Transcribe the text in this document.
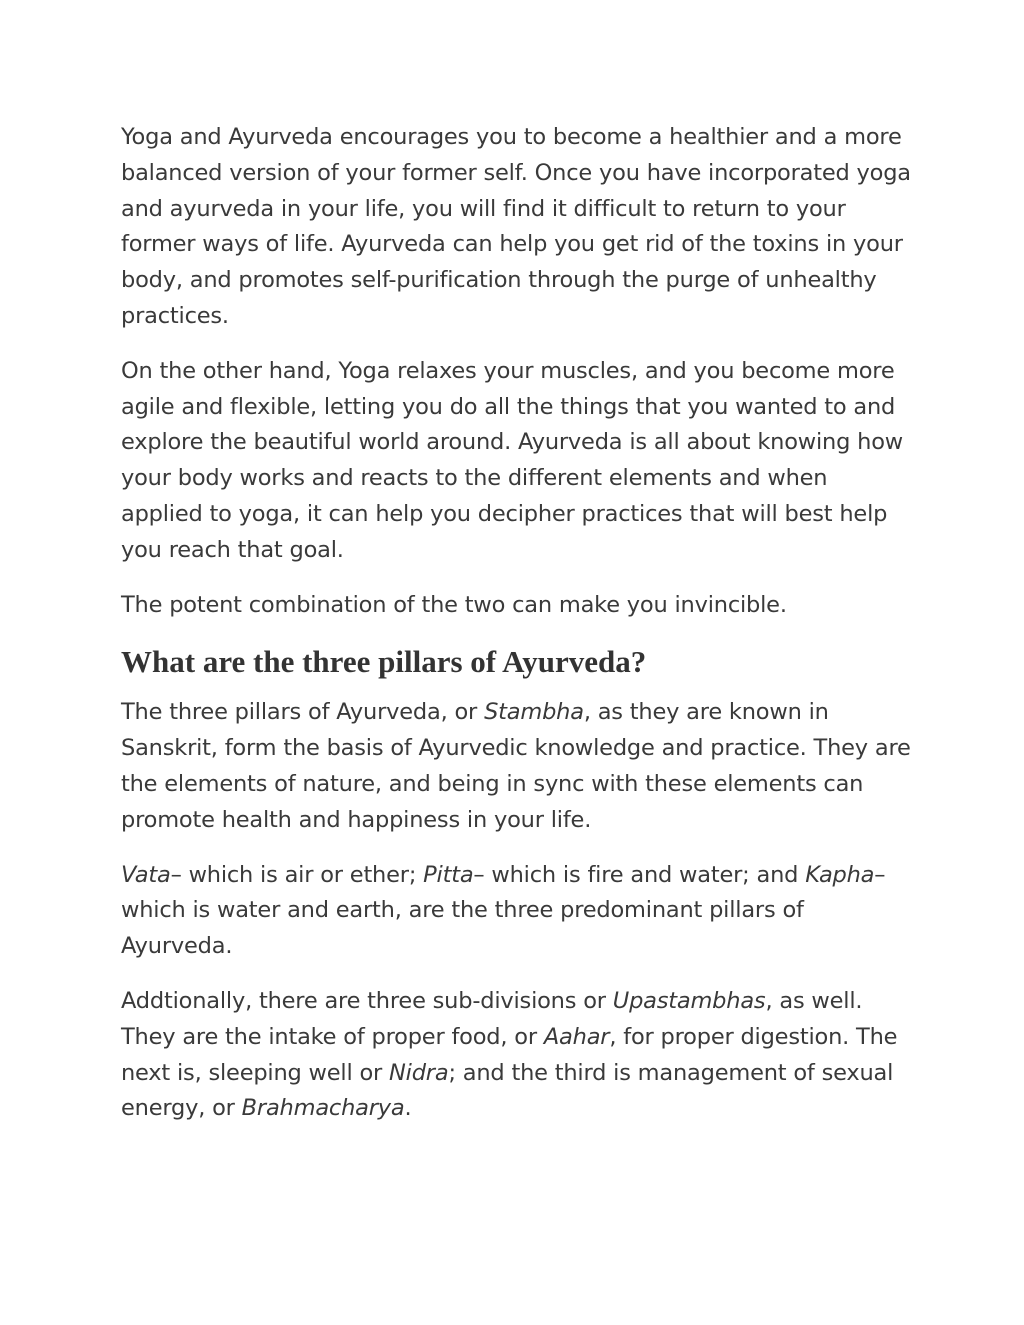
Yoga and Ayurveda encourages you to become a healthier and a more balanced version of your former self. Once you have incorporated yoga and ayurveda in your life, you will find it difficult to return to your former ways of life. Ayurveda can help you get rid of the toxins in your body, and promotes self-purification through the purge of unhealthy practices.

On the other hand, Yoga relaxes your muscles, and you become more agile and flexible, letting you do all the things that you wanted to and explore the beautiful world around. Ayurveda is all about knowing how your body works and reacts to the different elements and when applied to yoga, it can help you decipher practices that will best help you reach that goal.

The potent combination of the two can make you invincible.

What are the three pillars of Ayurveda?

The three pillars of Ayurveda, or Stambha, as they are known in Sanskrit, form the basis of Ayurvedic knowledge and practice. They are the elements of nature, and being in sync with these elements can promote health and happiness in your life.

Vata– which is air or ether; Pitta– which is fire and water; and Kapha– which is water and earth, are the three predominant pillars of Ayurveda.

Addtionally, there are three sub-divisions or Upastambhas, as well. They are the intake of proper food, or Aahar, for proper digestion. The next is, sleeping well or Nidra; and the third is management of sexual energy, or Brahmacharya.
